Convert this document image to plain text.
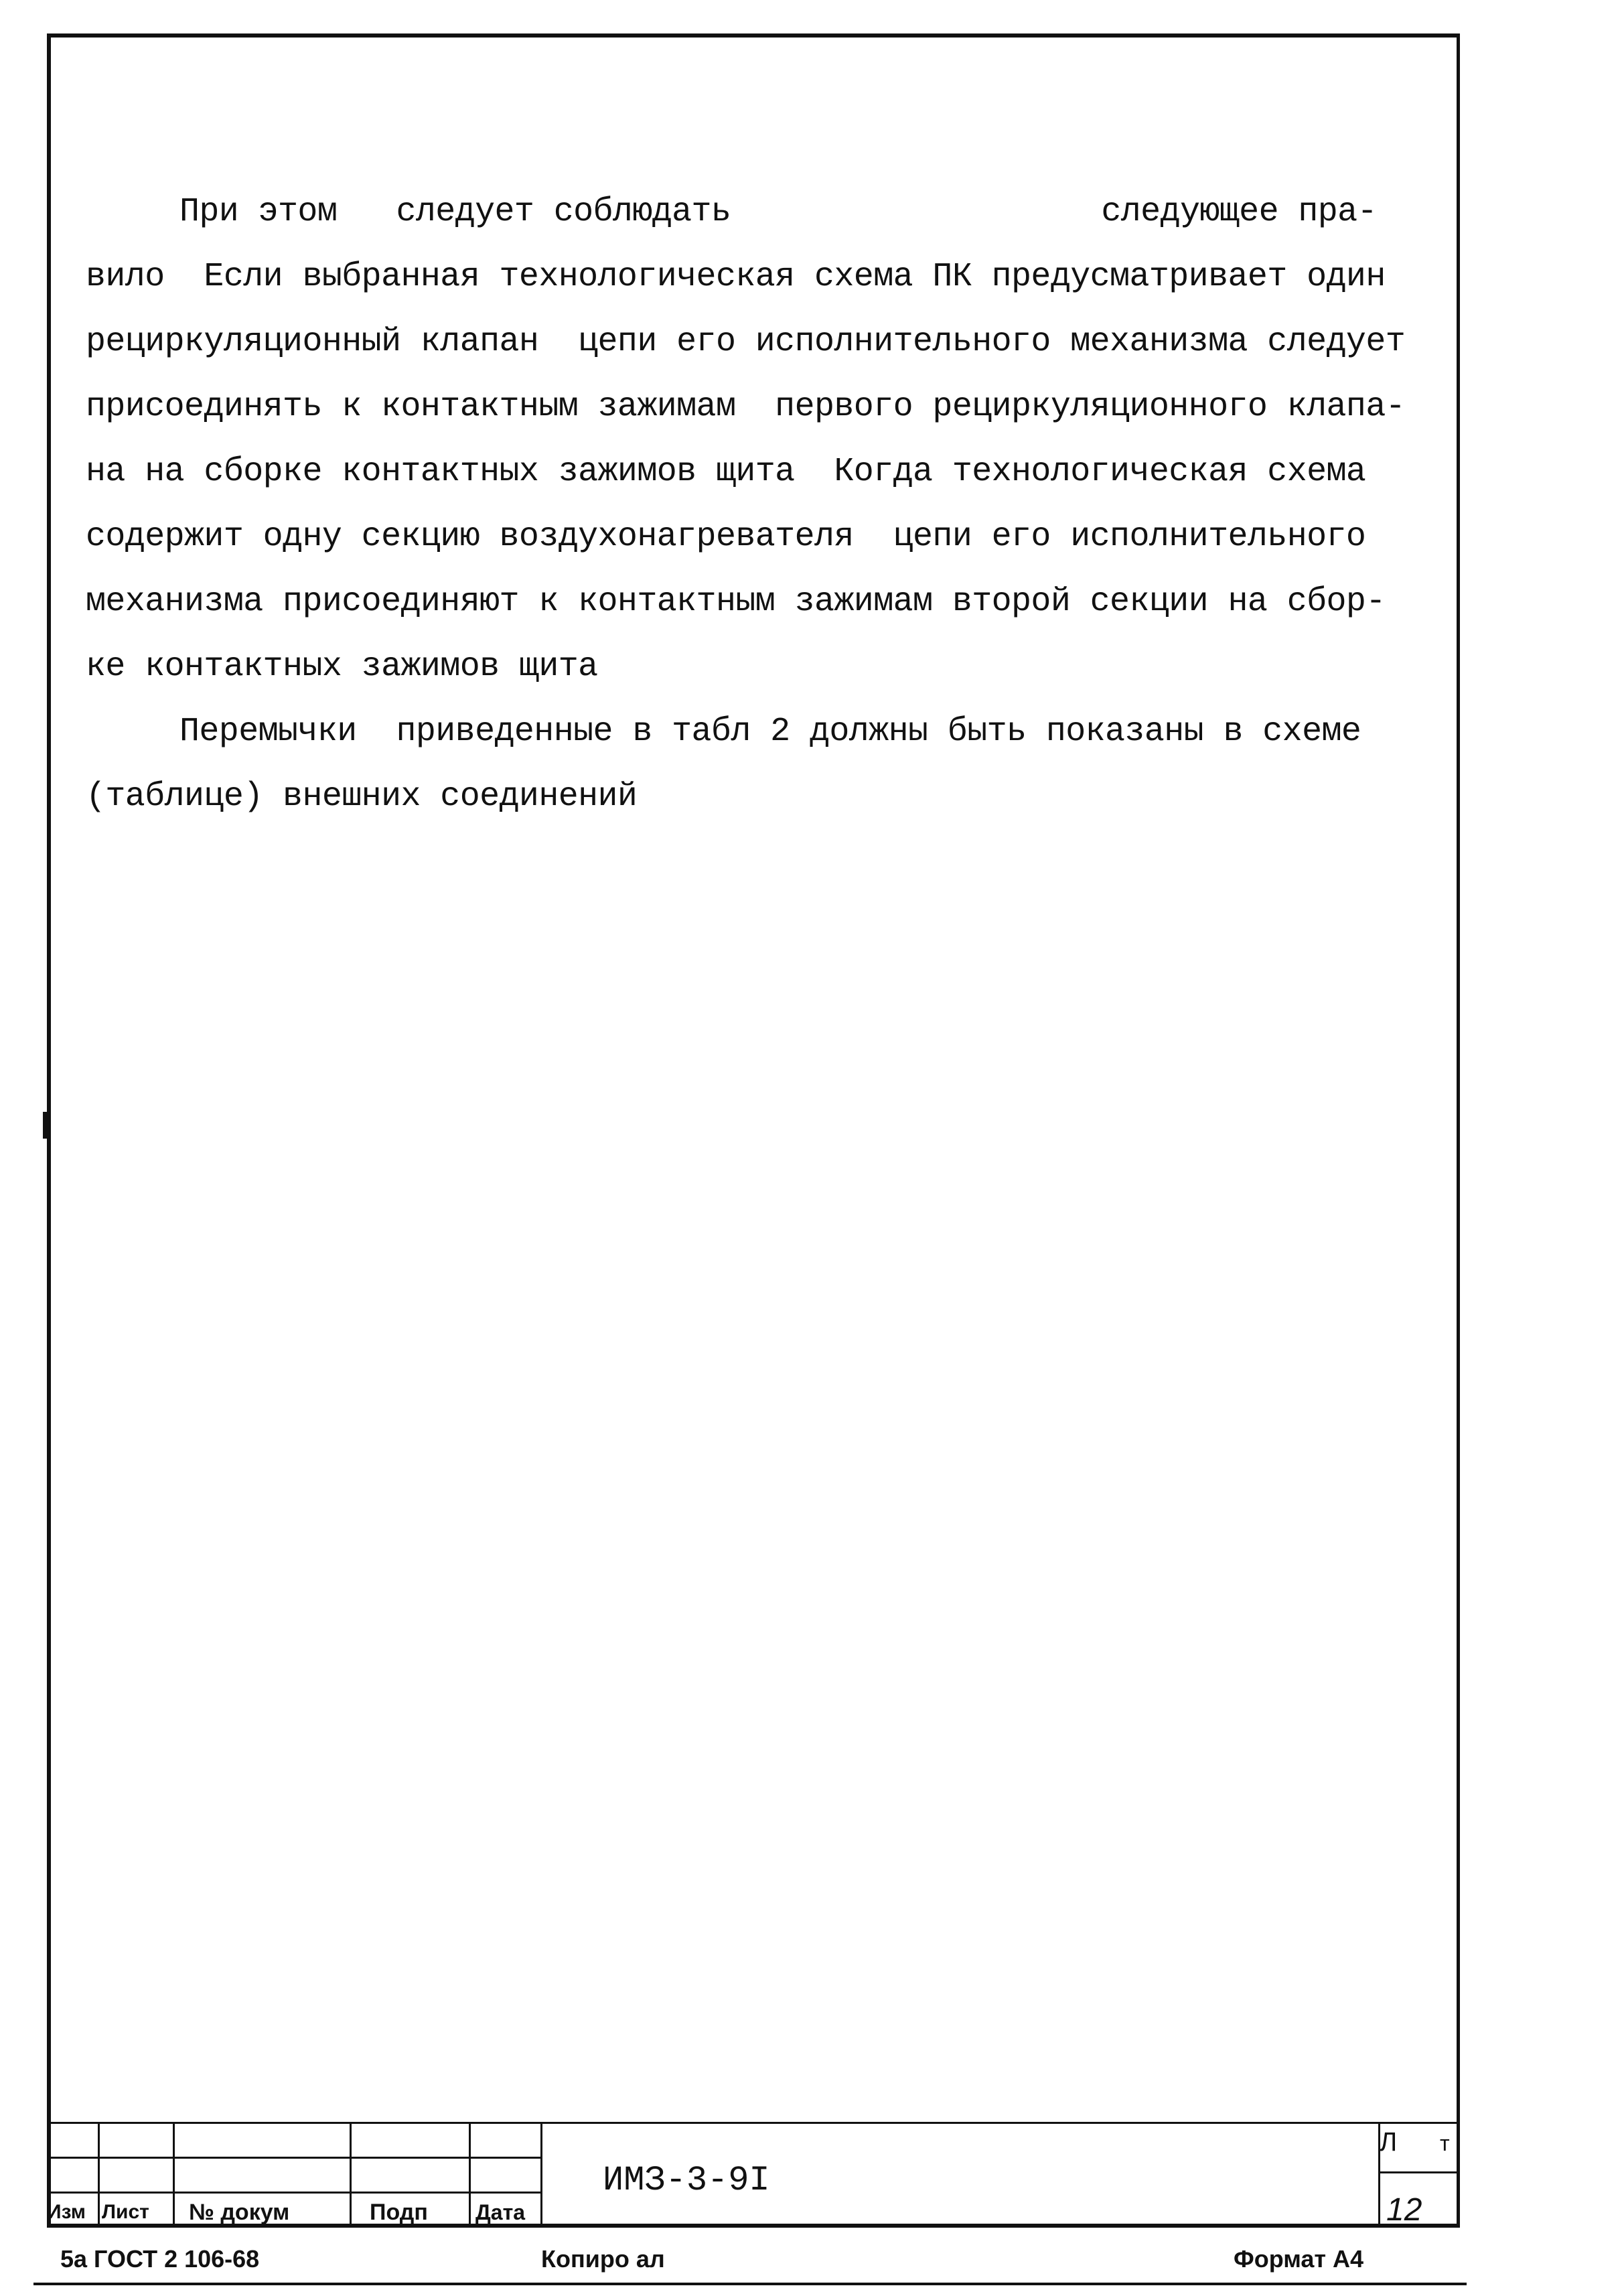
При этом   следует соблюдать	следующее пра-
вило  Если выбранная технологическая схема ПК предусматривает один
рециркуляционный клапан  цепи его исполнительного механизма следует
присоединять к контактным зажимам  первого рециркуляционного клапа-
на на сборке контактных зажимов щита  Когда технологическая схема
содержит одну секцию воздухонагревателя  цепи его исполнительного
механизма присоединяют к контактным зажимам второй секции на сбор-
ке контактных зажимов щита
Перемычки  приведенные в табл 2 должны быть показаны в схеме
(таблице) внешних соединений
Изм Лист № докум	Подп Дата
ИМЗ-3-9I
Л т
12
5а ГОСТ 2 106-68	Копиро ал	Формат А4
